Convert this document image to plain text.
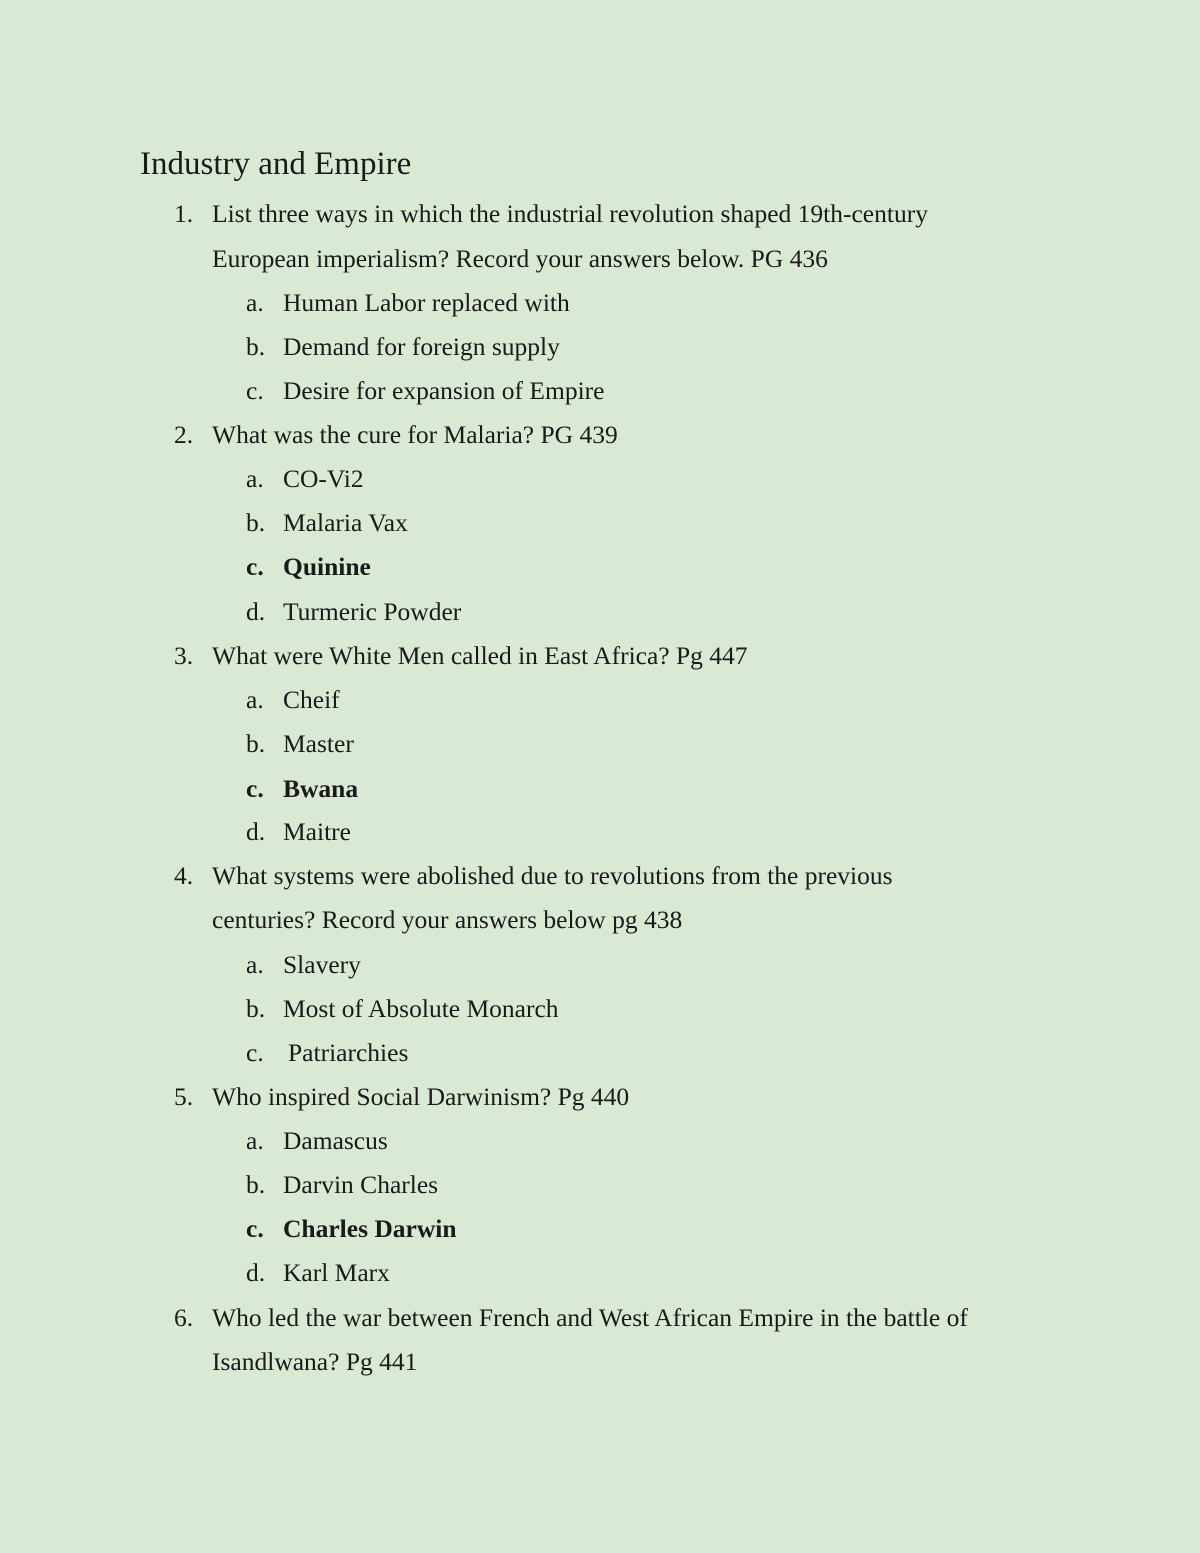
Industry and Empire
1. List three ways in which the industrial revolution shaped 19th-century
European imperialism? Record your answers below. PG 436
a. Human Labor replaced with
b. Demand for foreign supply
c. Desire for expansion of Empire
2. What was the cure for Malaria? PG 439
a. CO-Vi2
b. Malaria Vax
c. Quinine
d. Turmeric Powder
3. What were White Men called in East Africa? Pg 447
a. Cheif
b. Master
c. Bwana
d. Maitre
4. What systems were abolished due to revolutions from the previous
centuries? Record your answers below pg 438
a. Slavery
b. Most of Absolute Monarch
c. Patriarchies
5. Who inspired Social Darwinism? Pg 440
a. Damascus
b. Darvin Charles
c. Charles Darwin
d. Karl Marx
6. Who led the war between French and West African Empire in the battle of
Isandlwana? Pg 441
